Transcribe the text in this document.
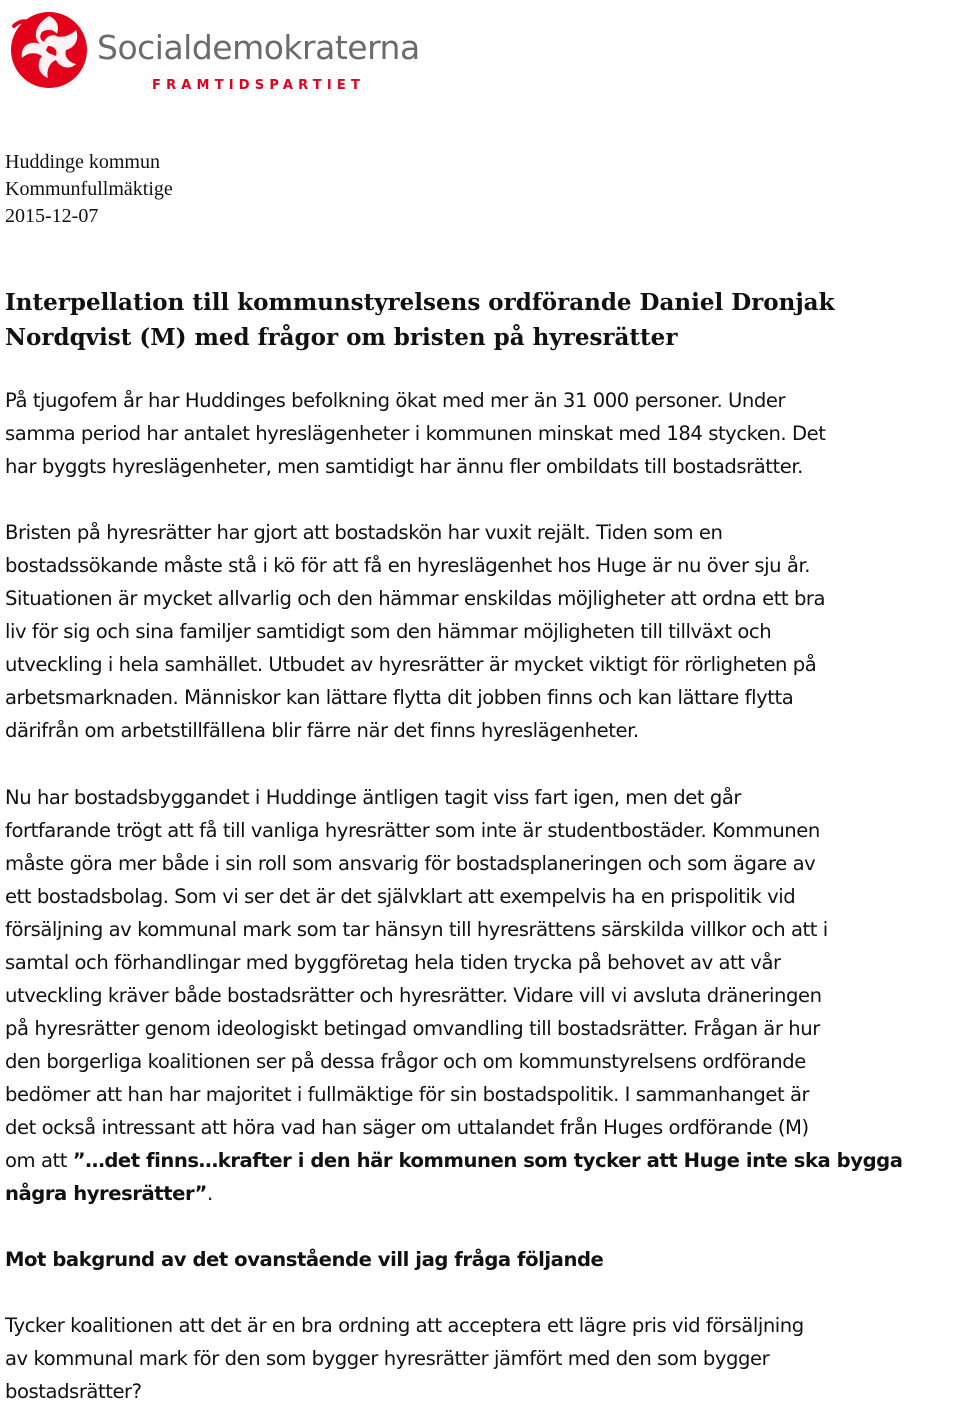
Socialdemokraterna
FRAMTIDSPARTIET
Huddinge kommun
Kommunfullmäktige
2015-12-07
Interpellation till kommunstyrelsens ordförande Daniel Dronjak
Nordqvist (M) med frågor om bristen på hyresrätter
På tjugofem år har Huddinges befolkning ökat med mer än 31 000 personer. Under
samma period har antalet hyreslägenheter i kommunen minskat med 184 stycken. Det
har byggts hyreslägenheter, men samtidigt har ännu fler ombildats till bostadsrätter.
Bristen på hyresrätter har gjort att bostadskön har vuxit rejält. Tiden som en
bostadssökande måste stå i kö för att få en hyreslägenhet hos Huge är nu över sju år.
Situationen är mycket allvarlig och den hämmar enskildas möjligheter att ordna ett bra
liv för sig och sina familjer samtidigt som den hämmar möjligheten till tillväxt och
utveckling i hela samhället. Utbudet av hyresrätter är mycket viktigt för rörligheten på
arbetsmarknaden. Människor kan lättare flytta dit jobben finns och kan lättare flytta
därifrån om arbetstillfällena blir färre när det finns hyreslägenheter.
Nu har bostadsbyggandet i Huddinge äntligen tagit viss fart igen, men det går
fortfarande trögt att få till vanliga hyresrätter som inte är studentbostäder. Kommunen
måste göra mer både i sin roll som ansvarig för bostadsplaneringen och som ägare av
ett bostadsbolag. Som vi ser det är det självklart att exempelvis ha en prispolitik vid
försäljning av kommunal mark som tar hänsyn till hyresrättens särskilda villkor och att i
samtal och förhandlingar med byggföretag hela tiden trycka på behovet av att vår
utveckling kräver både bostadsrätter och hyresrätter. Vidare vill vi avsluta dräneringen
på hyresrätter genom ideologiskt betingad omvandling till bostadsrätter. Frågan är hur
den borgerliga koalitionen ser på dessa frågor och om kommunstyrelsens ordförande
bedömer att han har majoritet i fullmäktige för sin bostadspolitik. I sammanhanget är
det också intressant att höra vad han säger om uttalandet från Huges ordförande (M)
om att ”…det finns…krafter i den här kommunen som tycker att Huge inte ska bygga
några hyresrätter”.
Mot bakgrund av det ovanstående vill jag fråga följande
Tycker koalitionen att det är en bra ordning att acceptera ett lägre pris vid försäljning
av kommunal mark för den som bygger hyresrätter jämfört med den som bygger
bostadsrätter?
